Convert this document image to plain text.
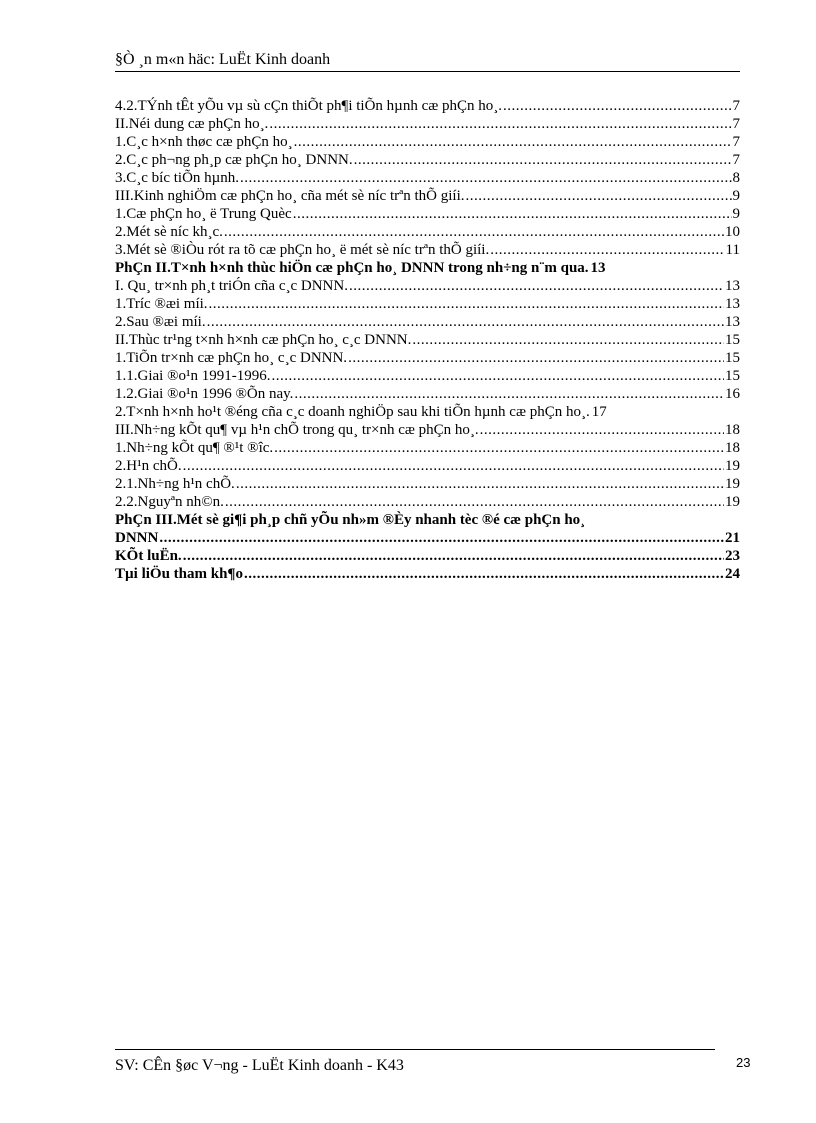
§Ò ¸n m«n häc: LuËt Kinh doanh
4.2.TÝnh tÊt yÕu vµ sù cÇn thiÕt ph¶i tiÕn hµnh cæ phÇn ho¸. .....	7
II.Néi dung cæ phÇn ho¸. .....	7
1.C¸c h×nh thøc cæ phÇn ho¸ .....	7
2.C¸c ph¬ng ph¸p cæ phÇn ho¸ DNNN. .....	7
3.C¸c bíc tiÕn hµnh. .....	8
III.Kinh nghiÖm cæ phÇn ho¸ cña mét sè níc trªn thÕ giíi. .....	9
1.Cæ phÇn ho¸ ë Trung Quèc .....	9
2.Mét sè níc kh¸c. .....	10
3.Mét sè ®iÒu rót ra tõ cæ phÇn ho¸ ë mét sè níc trªn thÕ giíi. .....	11
PhÇn II.T×nh h×nh thùc hiÖn cæ phÇn ho¸ DNNN trong nh÷ng n¨m qua. 13
I. Qu¸ tr×nh ph¸t triÓn cña c¸c DNNN. .....	13
1.Tríc ®æi míi. .....	13
2.Sau ®æi míi. .....	13
II.Thùc tr¹ng t×nh h×nh cæ phÇn ho¸ c¸c DNNN. .....	15
1.TiÕn tr×nh cæ phÇn ho¸ c¸c DNNN. .....	15
1.1.Giai ®o¹n 1991-1996. .....	15
1.2.Giai ®o¹n 1996 ®Õn nay. .....	16
2.T×nh h×nh ho¹t ®éng cña c¸c doanh nghiÖp sau khi tiÕn hµnh cæ phÇn ho¸. 17
III.Nh÷ng kÕt qu¶ vµ h¹n chÕ trong qu¸ tr×nh cæ phÇn ho¸. .....	18
1.Nh÷ng kÕt qu¶ ®¹t ®îc. .....	18
2.H¹n chÕ. .....	19
2.1.Nh÷ng h¹n chÕ. .....	19
2.2.Nguyªn nh©n. .....	19
PhÇn III.Mét sè gi¶i ph¸p chñ yÕu nh»m ®Èy nhanh tèc ®é cæ phÇn ho¸
DNNN .....	21
KÕt luËn. .....	23
Tµi liÖu tham kh¶o .....	24
SV: CÊn §øc V¬ng - LuËt Kinh doanh - K43	23
